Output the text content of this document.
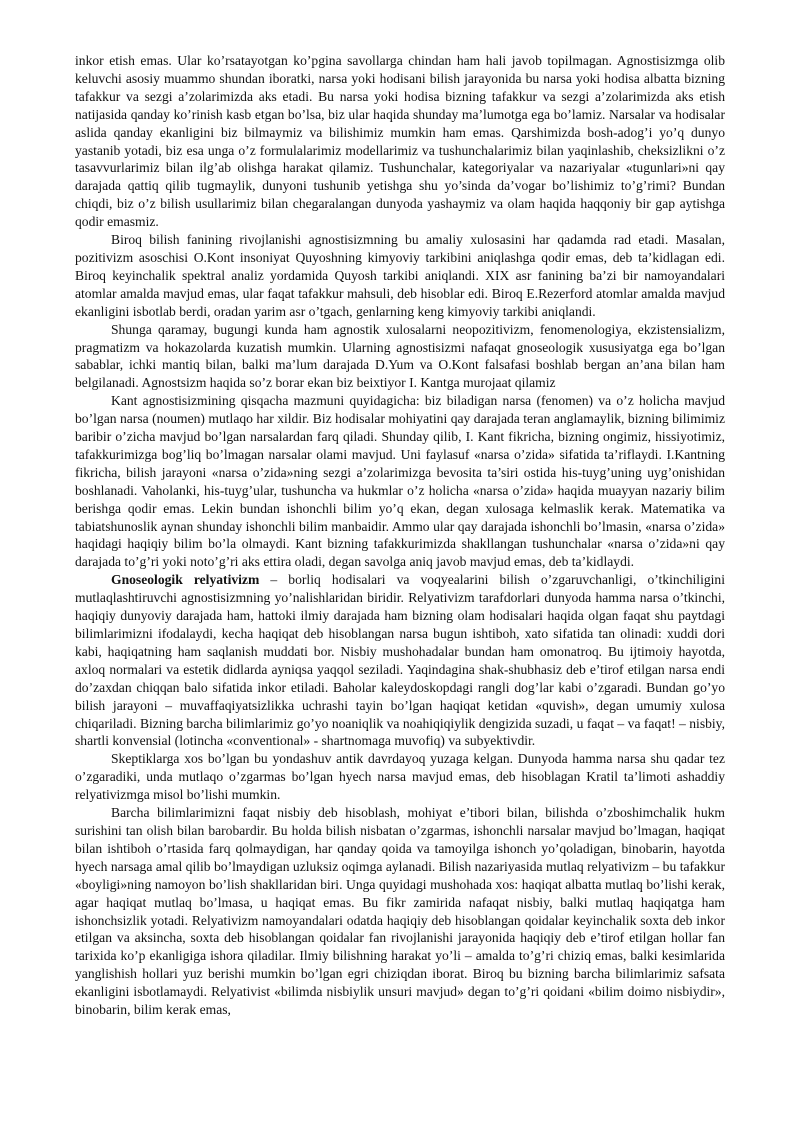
inkor etish emas. Ular ko’rsatayotgan ko’pgina savollarga chindan ham hali javob topilmagan. Agnostisizmga olib keluvchi asosiy muammo shundan iboratki, narsa yoki hodisani bilish jarayonida bu narsa yoki hodisa albatta bizning tafakkur va sezgi a’zolarimizda aks etadi. Bu narsa yoki hodisa bizning tafakkur va sezgi a’zolarimizda aks etish natijasida qanday ko’rinish kasb etgan bo’lsa, biz ular haqida shunday ma’lumotga ega bo’lamiz. Narsalar va hodisalar aslida qanday ekanligini biz bilmaymiz va bilishimiz mumkin ham emas. Qarshimizda bosh-adog’i yo’q dunyo yastanib yotadi, biz esa unga o’z formulalarimiz modellarimiz va tushunchalarimiz bilan yaqinlashib, cheksizlikni o’z tasavvurlarimiz bilan ilg’ab olishga harakat qilamiz. Tushunchalar, kategoriyalar va nazariyalar «tugunlari»ni qay darajada qattiq qilib tugmaylik, dunyoni tushunib yetishga shu yo’sinda da’vogar bo’lishimiz to’g’rimi? Bundan chiqdi, biz o’z bilish usullarimiz bilan chegaralangan dunyoda yashaymiz va olam haqida haqqoniy bir gap aytishga qodir emasmiz.

Biroq bilish fanining rivojlanishi agnostisizmning bu amaliy xulosasini har qadamda rad etadi. Masalan, pozitivizm asoschisi O.Kont insoniyat Quyoshning kimyoviy tarkibini aniqlashga qodir emas, deb ta’kidlagan edi. Biroq keyinchalik spektral analiz yordamida Quyosh tarkibi aniqlandi. XIX asr fanining ba’zi bir namoyandalari atomlar amalda mavjud emas, ular faqat tafakkur mahsuli, deb hisoblar edi. Biroq E.Rezerford atomlar amalda mavjud ekanligini isbotlab berdi, oradan yarim asr o’tgach, genlarning keng kimyoviy tarkibi aniqlandi.

Shunga qaramay, bugungi kunda ham agnostik xulosalarni neopozitivizm, fenomenologiya, ekzistensializm, pragmatizm va hokazolarda kuzatish mumkin. Ularning agnostisizmi nafaqat gnoseologik xususiyatga ega bo’lgan sabablar, ichki mantiq bilan, balki ma’lum darajada D.Yum va O.Kont falsafasi boshlab bergan an’ana bilan ham belgilanadi. Agnostsizm haqida so’z borar ekan biz beixtiyor I. Kantga murojaat qilamiz

Kant agnostisizmining qisqacha mazmuni quyidagicha: biz biladigan narsa (fenomen) va o’z holicha mavjud bo’lgan narsa (noumen) mutlaqo har xildir. Biz hodisalar mohiyatini qay darajada teran anglamaylik, bizning bilimimiz baribir o’zicha mavjud bo’lgan narsalardan farq qiladi. Shunday qilib, I. Kant fikricha, bizning ongimiz, hissiyotimiz, tafakkurimizga bog’liq bo’lmagan narsalar olami mavjud. Uni faylasuf «narsa o’zida» sifatida ta’riflaydi. I.Kantning fikricha, bilish jarayoni «narsa o’zida»ning sezgi a’zolarimizga bevosita ta’siri ostida his-tuyg’uning uyg’onishidan boshlanadi. Vaholanki, his-tuyg’ular, tushuncha va hukmlar o’z holicha «narsa o’zida» haqida muayyan nazariy bilim berishga qodir emas. Lekin bundan ishonchli bilim yo’q ekan, degan xulosaga kelmaslik kerak. Matematika va tabiatshunoslik aynan shunday ishonchli bilim manbaidir. Ammo ular qay darajada ishonchli bo’lmasin, «narsa o’zida» haqidagi haqiqiy bilim bo’la olmaydi. Kant bizning tafakkurimizda shakllangan tushunchalar «narsa o’zida»ni qay darajada to’g’ri yoki noto’g’ri aks ettira oladi, degan savolga aniq javob mavjud emas, deb ta’kidlaydi.

Gnoseologik relyativizm – borliq hodisalari va voqyealarini bilish o’zgaruvchanligi, o’tkinchiligini mutlaqlashtiruvchi agnostisizmning yo’nalishlaridan biridir. Relyativizm tarafdorlari dunyoda hamma narsa o’tkinchi, haqiqiy dunyoviy darajada ham, hattoki ilmiy darajada ham bizning olam hodisalari haqida olgan faqat shu paytdagi bilimlarimizni ifodalaydi, kecha haqiqat deb hisoblangan narsa bugun ishtiboh, xato sifatida tan olinadi: xuddi dori kabi, haqiqatning ham saqlanish muddati bor. Nisbiy mushohadalar bundan ham omonatroq. Bu ijtimoiy hayotda, axloq normalari va estetik didlarda ayniqsa yaqqol seziladi. Yaqindagina shak-shubhasiz deb e’tirof etilgan narsa endi do’zaxdan chiqqan balo sifatida inkor etiladi. Baholar kaleydoskopdagi rangli dog’lar kabi o’zgaradi. Bundan go’yo bilish jarayoni – muvaffaqiyatsizlikka uchrashi tayin bo’lgan haqiqat ketidan «quvish», degan umumiy xulosa chiqariladi. Bizning barcha bilimlarimiz go’yo noaniqlik va noahiqiqiylik dengizida suzadi, u faqat – va faqat! – nisbiy, shartli konvensial (lotincha «conventional» - shartnomaga muvofiq) va subyektivdir.

Skeptiklarga xos bo’lgan bu yondashuv antik davrdayoq yuzaga kelgan. Dunyoda hamma narsa shu qadar tez o’zgaradiki, unda mutlaqo o’zgarmas bo’lgan hyech narsa mavjud emas, deb hisoblagan Kratil ta’limoti ashaddiy relyativizmga misol bo’lishi mumkin.

Barcha bilimlarimizni faqat nisbiy deb hisoblash, mohiyat e’tibori bilan, bilishda o’zboshimchalik hukm surishini tan olish bilan barobardir. Bu holda bilish nisbatan o’zgarmas, ishonchli narsalar mavjud bo’lmagan, haqiqat bilan ishtiboh o’rtasida farq qolmaydigan, har qanday qoida va tamoyilga ishonch yo’qoladigan, binobarin, hayotda hyech narsaga amal qilib bo’lmaydigan uzluksiz oqimga aylanadi. Bilish nazariyasida mutlaq relyativizm – bu tafakkur «boyligi»ning namoyon bo’lish shakllaridan biri. Unga quyidagi mushohada xos: haqiqat albatta mutlaq bo’lishi kerak, agar haqiqat mutlaq bo’lmasa, u haqiqat emas. Bu fikr zamirida nafaqat nisbiy, balki mutlaq haqiqatga ham ishonchsizlik yotadi. Relyativizm namoyandalari odatda haqiqiy deb hisoblangan qoidalar keyinchalik soxta deb inkor etilgan va aksincha, soxta deb hisoblangan qoidalar fan rivojlanishi jarayonida haqiqiy deb e’tirof etilgan hollar fan tarixida ko’p ekanligiga ishora qiladilar. Ilmiy bilishning harakat yo’li – amalda to’g’ri chiziq emas, balki kesimlarida yanglishish hollari yuz berishi mumkin bo’lgan egri chiziqdan iborat. Biroq bu bizning barcha bilimlarimiz safsata ekanligini isbotlamaydi. Relyativist «bilimda nisbiylik unsuri mavjud» degan to’g’ri qoidani «bilim doimo nisbiydir», binobarin, bilim kerak emas,
